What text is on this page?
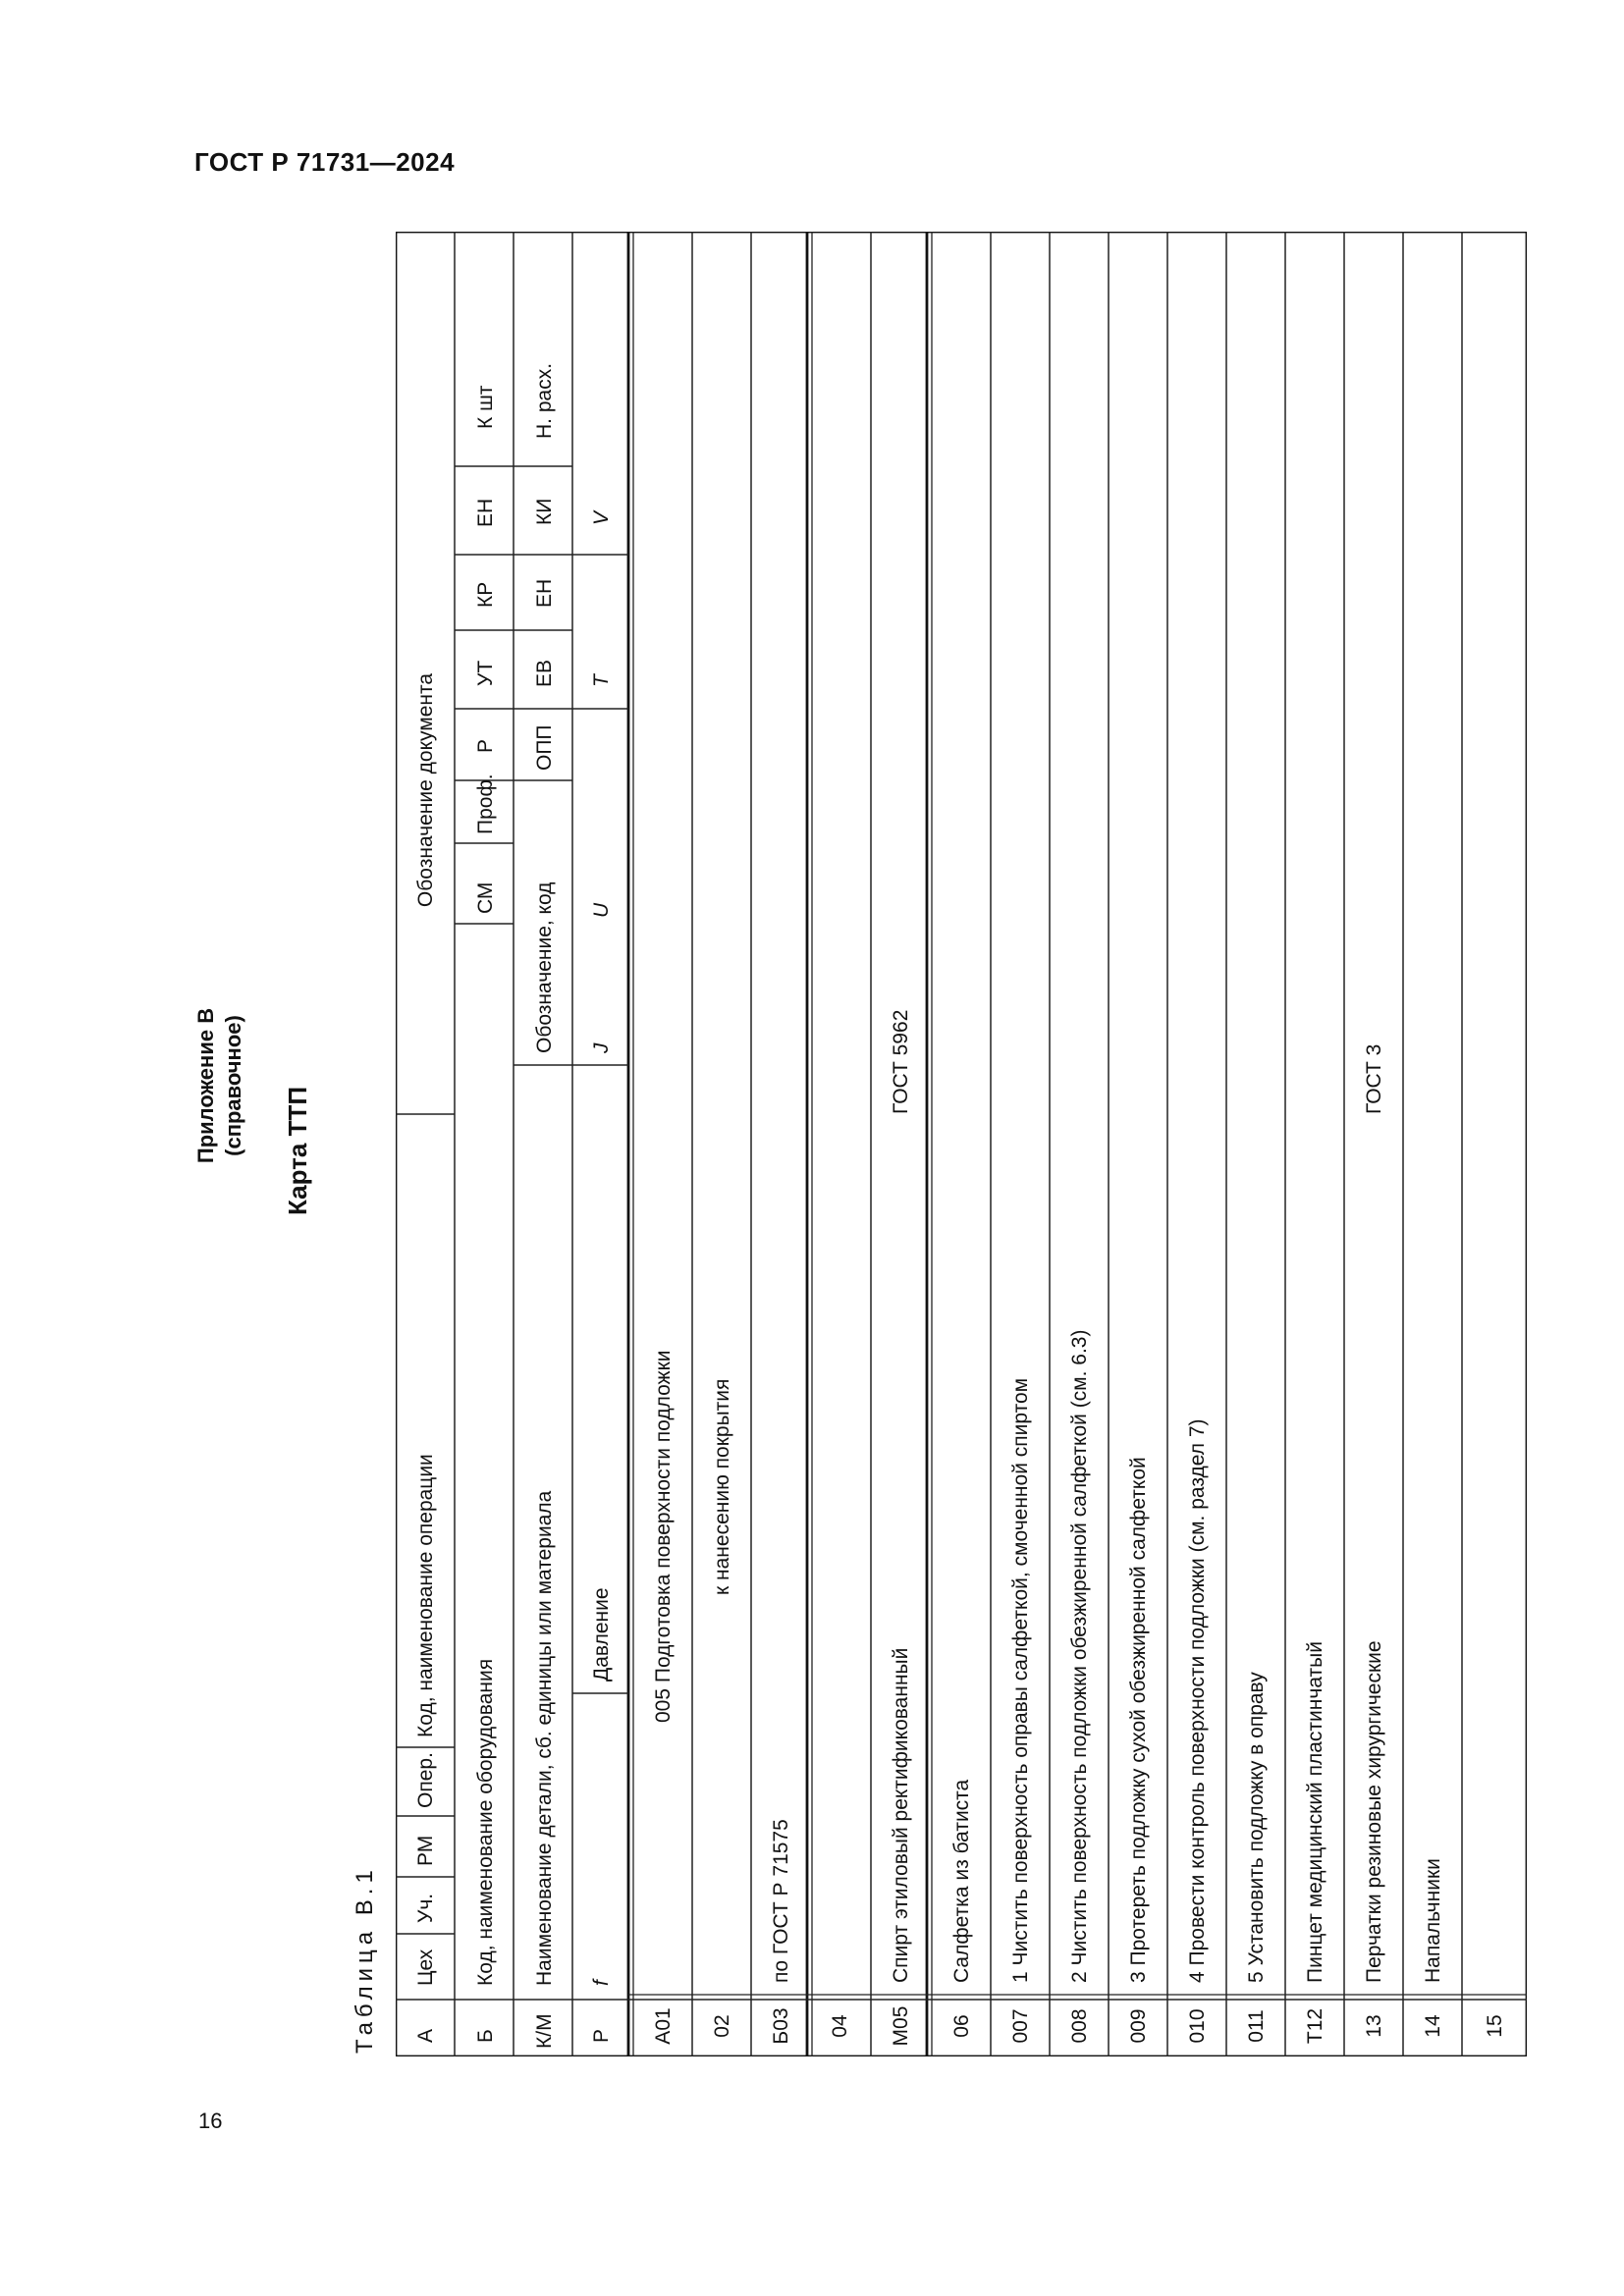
ГОСТ Р 71731—2024
Приложение В (справочное) Карта ТТП
Таблица В.1 А
Цех
Уч.
РМ
Опер.
Код, наименование операции
Обозначение документа
Б
Код, наименование оборудования
СМ
Проф.
Р
УТ
КР
ЕН
К шт
К/М
Наименование детали, сб. единицы или материала
Обозначение, код
ОПП
ЕВ
ЕН
КИ
Н. расх.
Р
f
Давление
J
U
T
V
А01
005 Подготовка поверхности подложки
02
к нанесению покрытия
Б03
по ГОСТ Р 71575
04 М05
Спирт этиловый ректификованный
ГОСТ 5962
06
Салфетка из батиста
007
1 Чистить поверхность оправы салфеткой, смоченной спиртом
008
2 Чистить поверхность подложки обезжиренной салфеткой (см. 6.3)
009
3 Протереть подложку сухой обезжиренной салфеткой
010
4 Провести контроль поверхности подложки (см. раздел 7)
011
5 Установить подложку в оправу
Т12
Пинцет медицинский пластинчатый
13
Перчатки резиновые хирургические
ГОСТ 3
14
Напальчники
15
16
